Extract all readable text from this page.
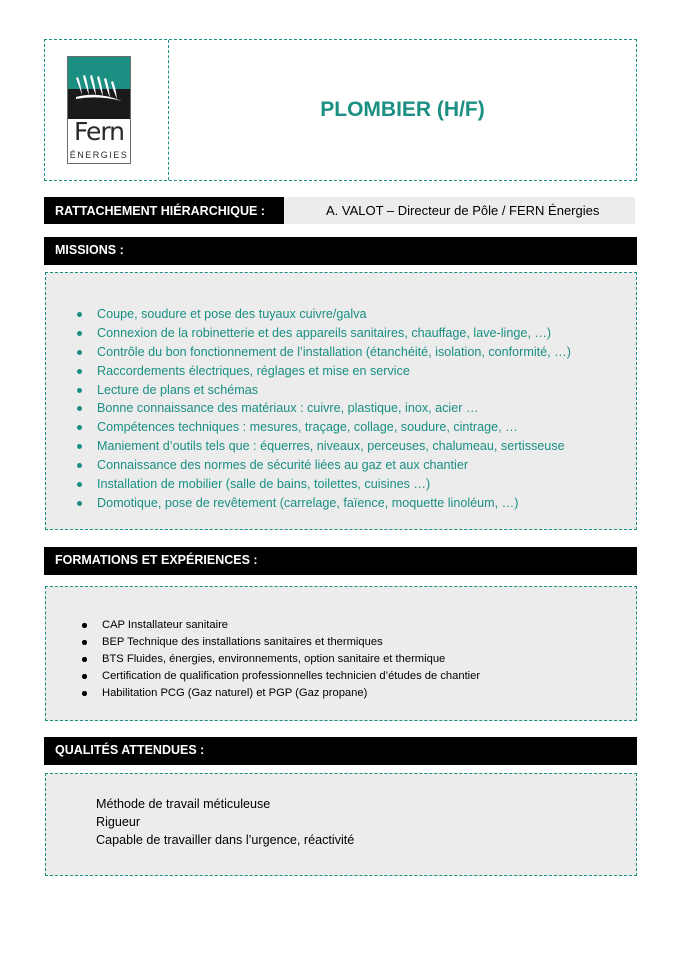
Fern
ÉNERGIES
PLOMBIER (H/F)
RATTACHEMENT HIÉRARCHIQUE :	A. VALOT – Directeur de Pôle / FERN Énergies
MISSIONS :
Coupe, soudure et pose des tuyaux cuivre/galva
Connexion de la robinetterie et des appareils sanitaires, chauffage, lave-linge, …)
Contrôle du bon fonctionnement de l’installation (étanchéité, isolation, conformité, …)
Raccordements électriques, réglages et mise en service
Lecture de plans et schémas
Bonne connaissance des matériaux : cuivre, plastique, inox, acier …
Compétences techniques : mesures, traçage, collage, soudure, cintrage, …
Maniement d’outils tels que : équerres, niveaux, perceuses, chalumeau, sertisseuse
Connaissance des normes de sécurité liées au gaz et aux chantier
Installation de mobilier (salle de bains, toilettes, cuisines …)
Domotique, pose de revêtement (carrelage, faïence, moquette linoléum, …)
FORMATIONS ET EXPÉRIENCES :
CAP Installateur sanitaire
BEP Technique des installations sanitaires et thermiques
BTS Fluides, énergies, environnements, option sanitaire et thermique
Certification de qualification professionnelles technicien d’études de chantier
Habilitation PCG (Gaz naturel) et PGP (Gaz propane)
QUALITÉS ATTENDUES :
Méthode de travail méticuleuse
Rigueur
Capable de travailler dans l’urgence, réactivité
